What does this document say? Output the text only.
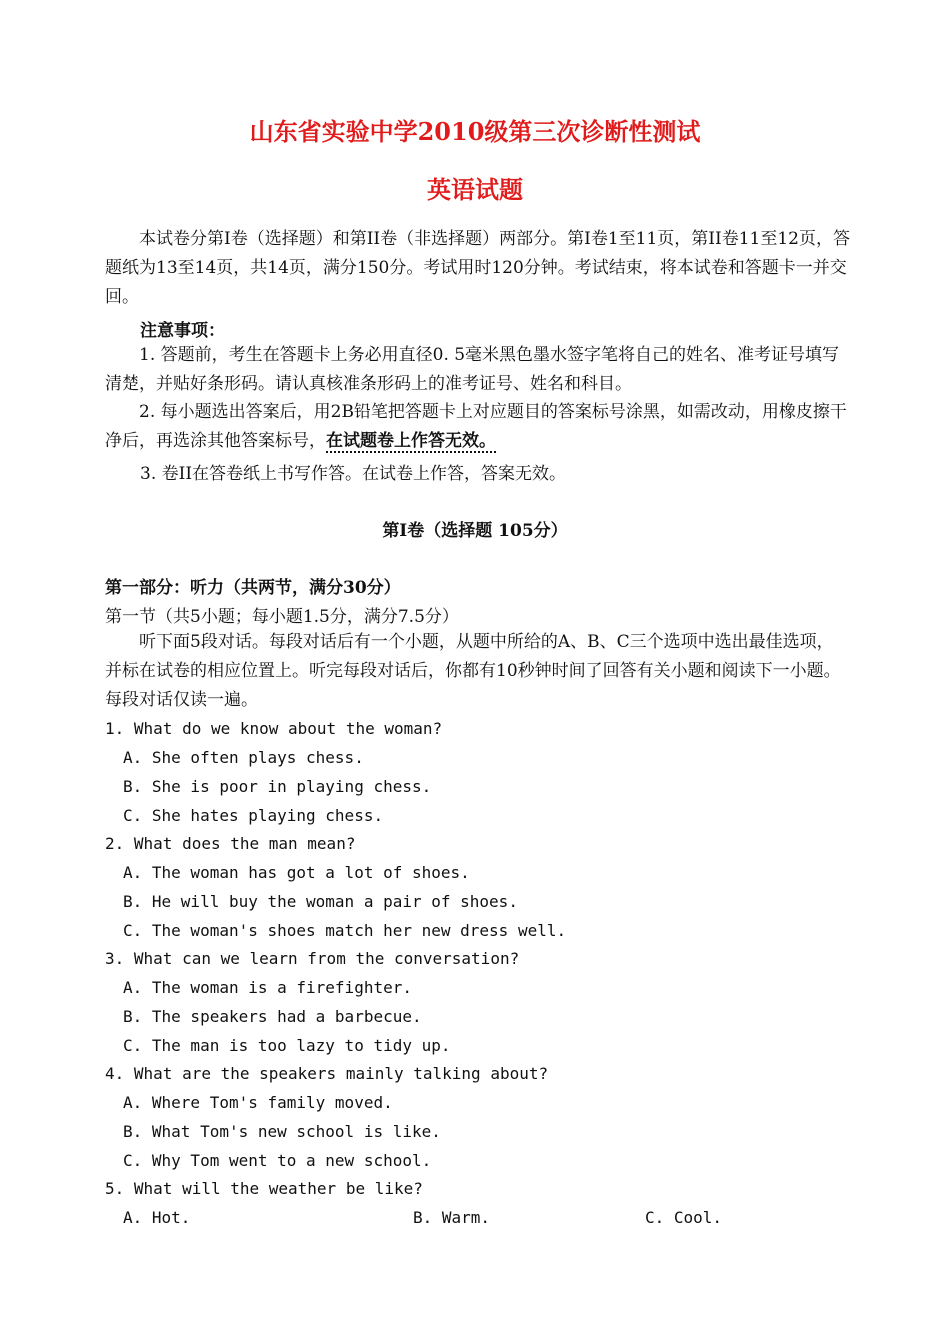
山东省实验中学2010级第三次诊断性测试
英语试题
本试卷分第I卷（选择题）和第II卷（非选择题）两部分。第I卷1至11页，第II卷11至12页，答题纸为13至14页，共14页，满分150分。考试用时120分钟。考试结束，将本试卷和答题卡一并交回。
注意事项：
1. 答题前，考生在答题卡上务必用直径0. 5毫米黑色墨水签字笔将自己的姓名、准考证号填写清楚，并贴好条形码。请认真核准条形码上的准考证号、姓名和科目。
2. 每小题选出答案后，用2B铅笔把答题卡上对应题目的答案标号涂黑，如需改动，用橡皮擦干净后，再选涂其他答案标号，在试题卷上作答无效。
3. 卷II在答卷纸上书写作答。在试卷上作答，答案无效。
第I卷（选择题 105分）
第一部分：听力（共两节，满分30分）
第一节（共5小题；每小题1.5分，满分7.5分）
听下面5段对话。每段对话后有一个小题，从题中所给的A、B、C三个选项中选出最佳选项，并标在试卷的相应位置上。听完每段对话后，你都有10秒钟时间了回答有关小题和阅读下一小题。每段对话仅读一遍。
1. What do we know about the woman?
A. She often plays chess.
B. She is poor in playing chess.
C. She hates playing chess.
2. What does the man mean?
A. The woman has got a lot of shoes.
B. He will buy the woman a pair of shoes.
C. The woman's shoes match her new dress well.
3. What can we learn from the conversation?
A. The woman is a firefighter.
B. The speakers had a barbecue.
C. The man is too lazy to tidy up.
4. What are the speakers mainly talking about?
A. Where Tom's family moved.
B. What Tom's new school is like.
C. Why Tom went to a new school.
5. What will the weather be like?
A. Hot.	B. Warm.	C. Cool.
